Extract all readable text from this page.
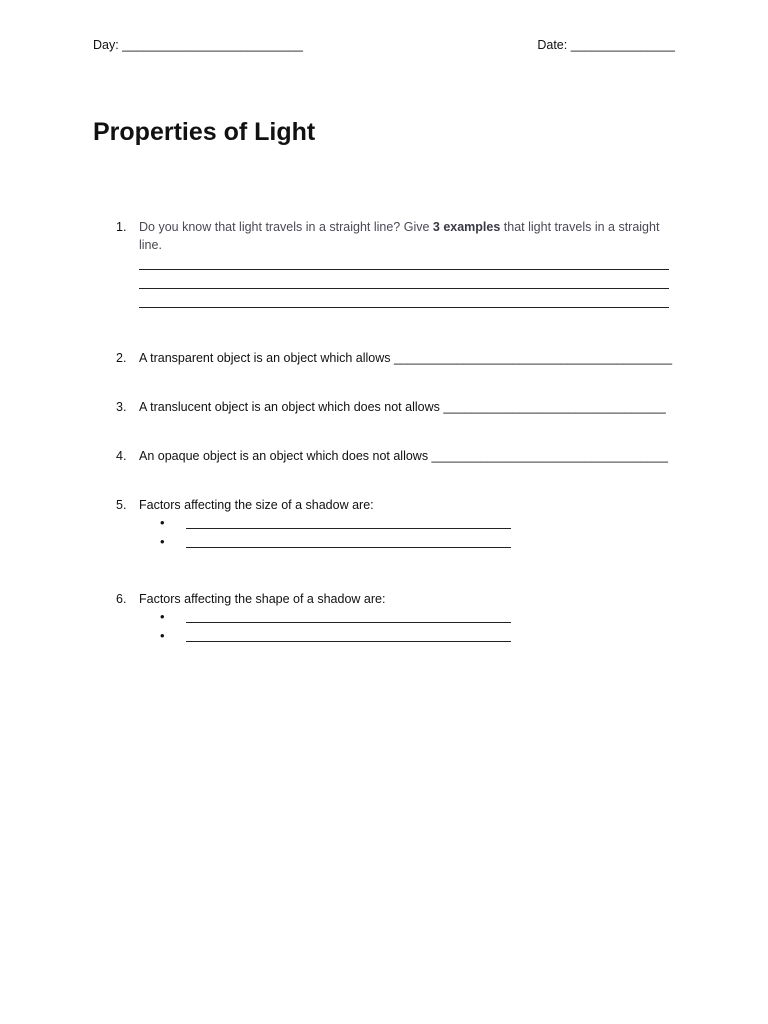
Day: __________________________	Date: _______________
Properties of Light
1.	Do you know that light travels in a straight line? Give 3 examples that light travels in a straight line.
2.	A transparent object is an object which allows ________________________________________
3.	A translucent object is an object which does not allows ________________________________
4.	An opaque object is an object which does not allows __________________________________
5.	Factors affecting the size of a shadow are:
•
•
6.	Factors affecting the shape of a shadow are:
•
•
